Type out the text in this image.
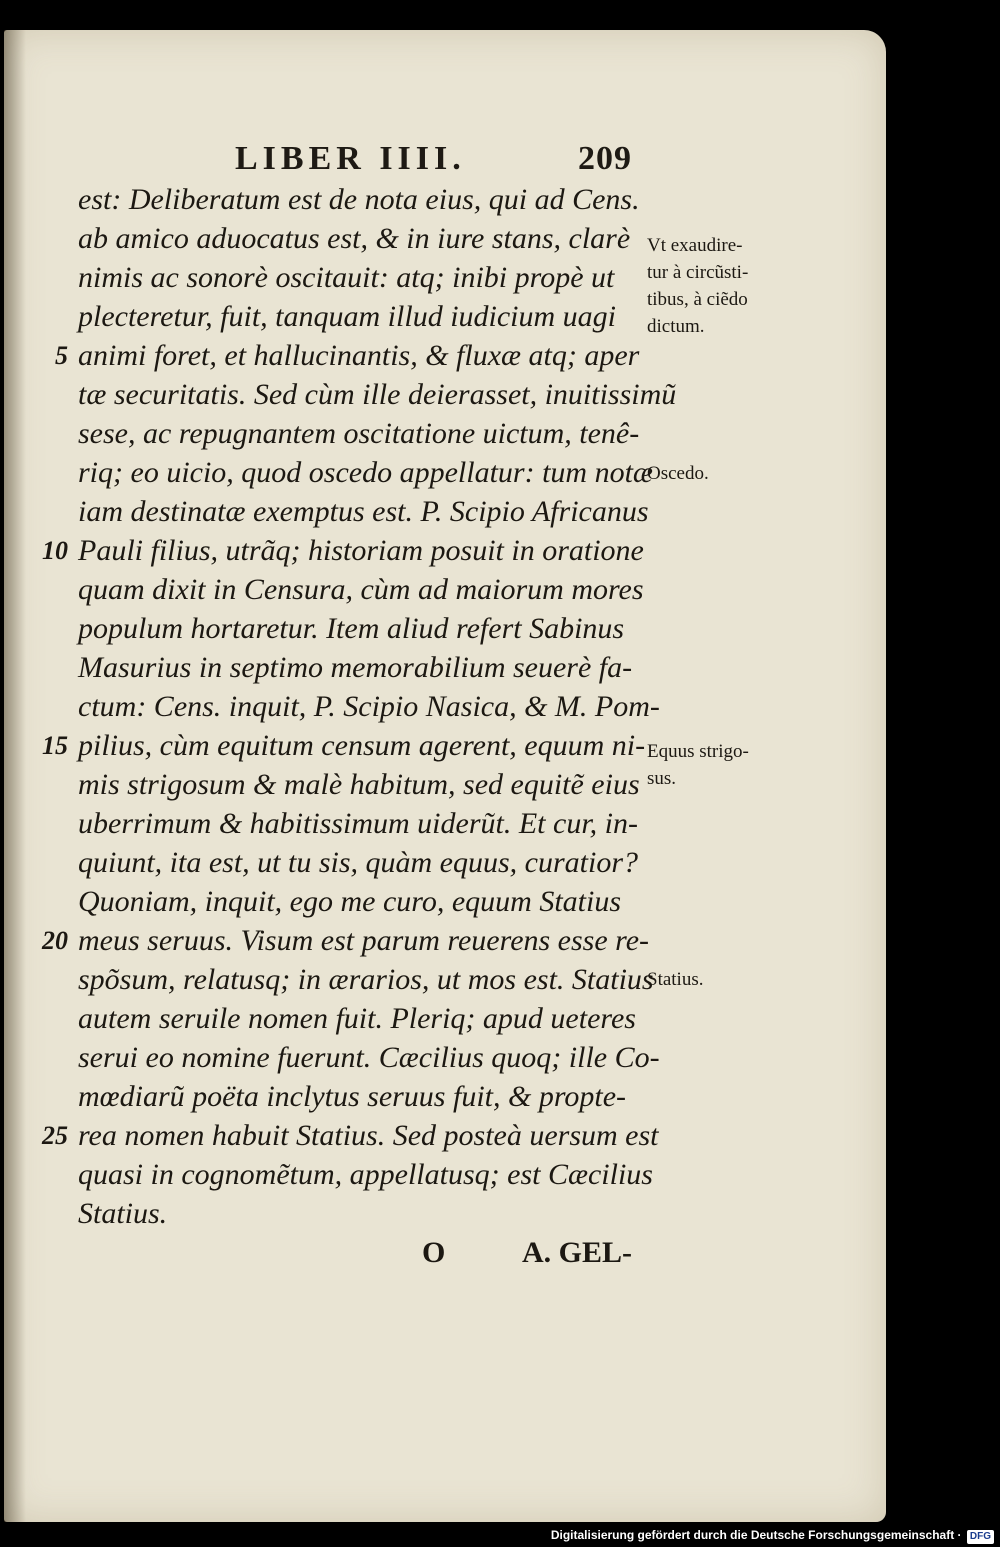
LIBER IIII.	209
est: Deliberatum est de nota eius, qui ad Cens.
ab amico aduocatus est, & in iure stans, clarè
nimis ac sonorè oscitauit: atq; inibi propè ut
plecteretur, fuit, tanquam illud iudicium uagi
animi foret, et hallucinantis, & fluxæ atq; aper
tæ securitatis. Sed cùm ille deierasset, inuitissimũ
sese, ac repugnantem oscitatione uictum, tenê-
riq; eo uicio, quod oscedo appellatur: tum notæ
iam destinatæ exemptus est. P. Scipio Africanus
Pauli filius, utrãq; historiam posuit in oratione
quam dixit in Censura, cùm ad maiorum mores
populum hortaretur. Item aliud refert Sabinus
Masurius in septimo memorabilium seuerè fa-
ctum: Cens. inquit, P. Scipio Nasica, & M. Pom-
pilius, cùm equitum censum agerent, equum ni-
mis strigosum & malè habitum, sed equitẽ eius
uberrimum & habitissimum uiderũt. Et cur, in-
quiunt, ita est, ut tu sis, quàm equus, curatior?
Quoniam, inquit, ego me curo, equum Statius
meus seruus. Visum est parum reuerens esse re-
spõsum, relatusq; in ærarios, ut mos est. Statius
autem seruile nomen fuit. Pleriq; apud ueteres
serui eo nomine fuerunt. Cæcilius quoq; ille Co-
mœdiarũ poëta inclytus seruus fuit, & propte-
rea nomen habuit Statius. Sed posteà uersum est
quasi in cognomẽtum, appellatusq; est Cæcilius
Statius.
5
10
15
20
25
Vt exaudire-
tur à circũsti-
tibus, à ciẽdo
dictum.
Oscedo.
Equus strigo-
sus.
Statius.
O	A. GEL-
Digitalisierung gefördert durch die Deutsche Forschungsgemeinschaft · DFG
